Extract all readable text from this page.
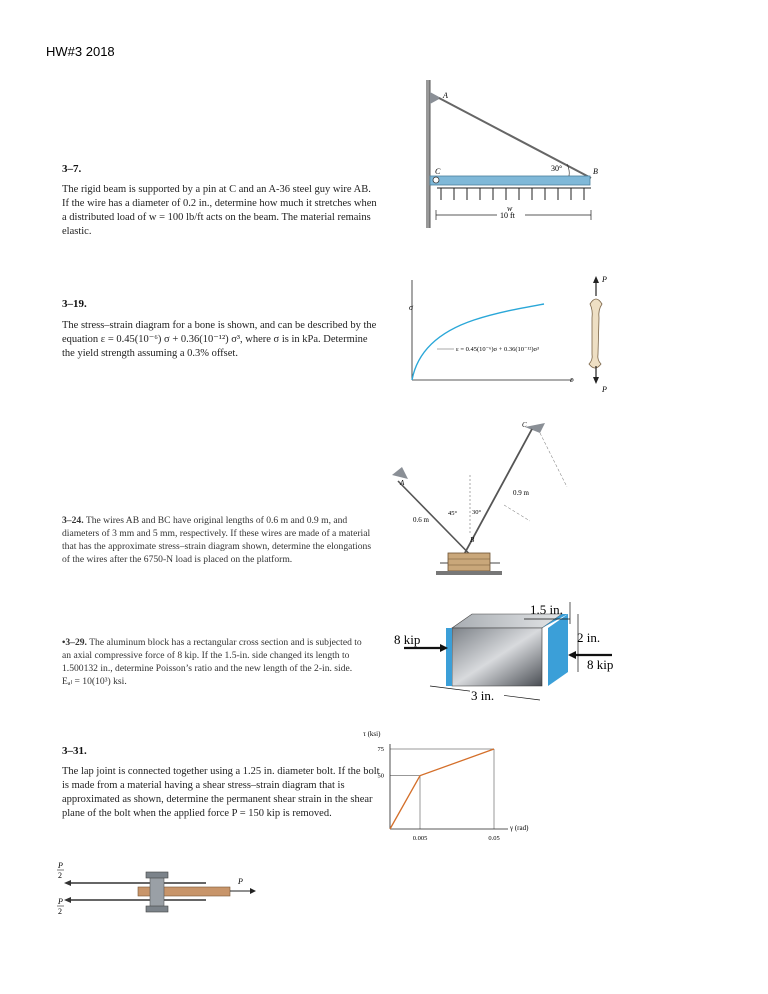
HW#3 2018
3–7.
The rigid beam is supported by a pin at C and an A-36 steel guy wire AB. If the wire has a diameter of 0.2 in., determine how much it stretches when a distributed load of w = 100 lb/ft acts on the beam. The material remains elastic.
3–19.
The stress–strain diagram for a bone is shown, and can be described by the equation ε = 0.45(10⁻⁶) σ + 0.36(10⁻¹²) σ³, where σ is in kPa. Determine the yield strength assuming a 0.3% offset.
3–24. The wires AB and BC have original lengths of 0.6 m and 0.9 m, and diameters of 3 mm and 5 mm, respectively. If these wires are made of a material that has the approximate stress–strain diagram shown, determine the elongations of the wires after the 6750-N load is placed on the platform.
•3–29. The aluminum block has a rectangular cross section and is subjected to an axial compressive force of 8 kip. If the 1.5-in. side changed its length to 1.500132 in., determine Poisson’s ratio and the new length of the 2-in. side. Eₐₗ = 10(10³) ksi.
3–31.
The lap joint is connected together using a 1.25 in. diameter bolt. If the bolt is made from a material having a shear stress–strain diagram that is approximated as shown, determine the permanent shear strain in the shear plane of the bolt when the applied force P = 150 kip is removed.
10 ft
w
A
C	B
30°
σ
ε
ε = 0.45(10⁻⁶)σ + 0.36(10⁻¹²)σ³
P
P
0.9 m
0.6 m
45° 30°
A
C
B
8 kip
8 kip
1.5 in.
2 in.
3 in.
τ (ksi)
50
75
0.005	0.05
γ (rad)
P
2
P
2
P
